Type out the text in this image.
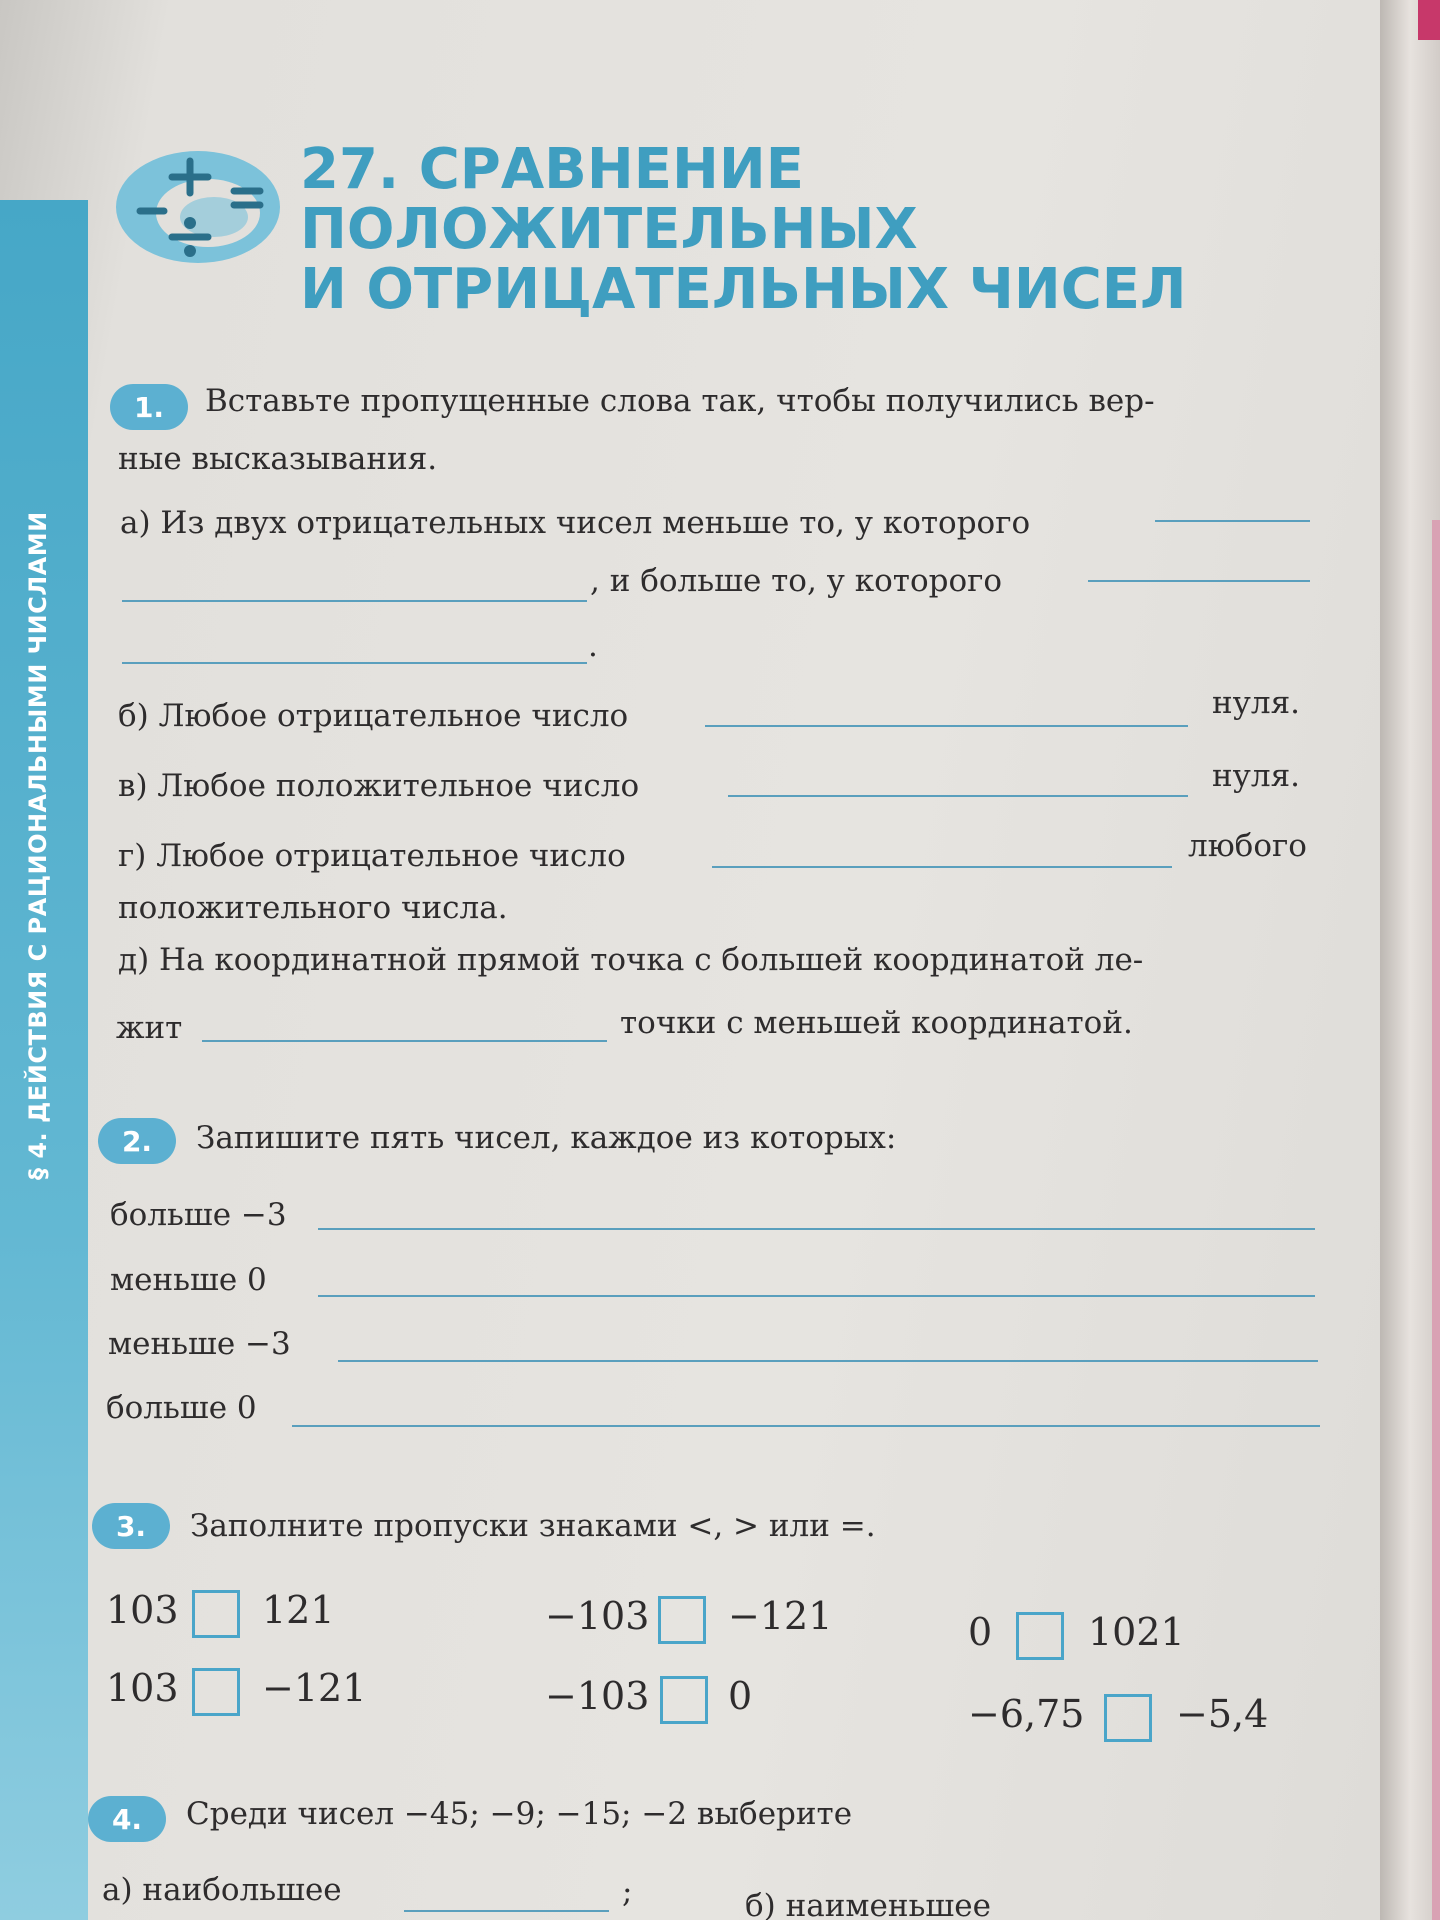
§ 4. ДЕЙСТВИЯ С РАЦИОНАЛЬНЫМИ ЧИСЛАМИ
27. СРАВНЕНИЕ
ПОЛОЖИТЕЛЬНЫХ
И ОТРИЦАТЕЛЬНЫХ ЧИСЕЛ
1.	Вставьте пропущенные слова так, чтобы получились вер-
ные высказывания.
а) Из двух отрицательных чисел меньше то, у которого
, и больше то, у которого
.
б) Любое отрицательное число	нуля.
в) Любое положительное число	нуля.
г) Любое отрицательное число	любого
положительного числа.
д) На координатной прямой точка с большей координатой ле-
жит	точки с меньшей координатой.
2.	Запишите пять чисел, каждое из которых:
больше −3
меньше 0
меньше −3
больше 0
3.	Заполните пропуски знаками <, > или =.
103 121
103 −121
−103 −121
−103 0
0	1021
−6,75 −5,4
4.	Среди чисел −45; −9; −15; −2 выберите
а) наибольшее	;	б) наименьшее
